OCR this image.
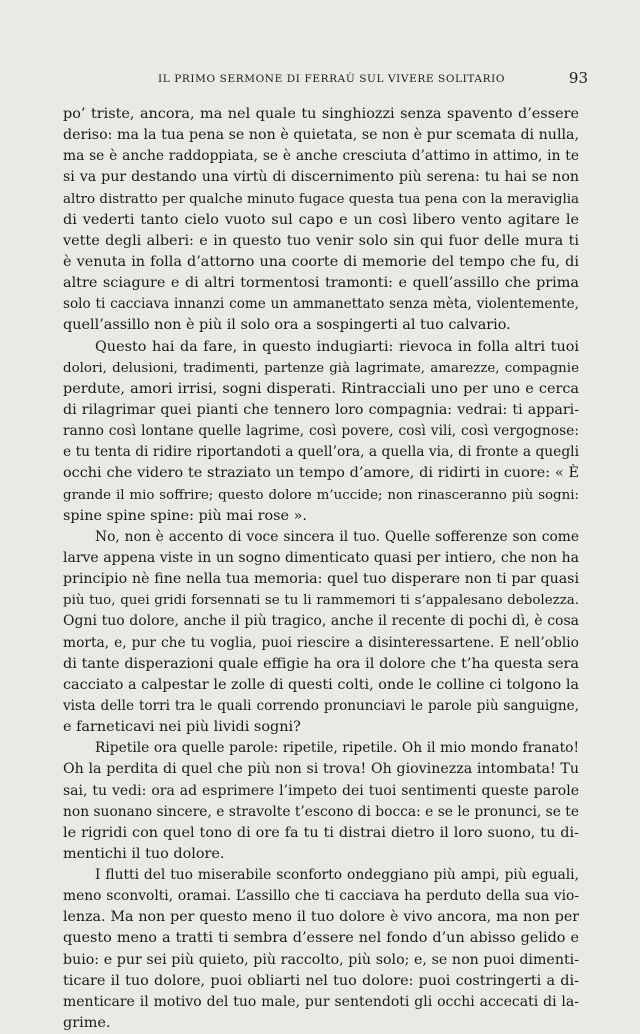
IL PRIMO SERMONE DI FERRAÙ SUL VIVERE SOLITARIO	93
po’ triste, ancora, ma nel quale tu singhiozzi senza spavento d’essere
deriso: ma la tua pena se non è quietata, se non è pur scemata di nulla,
ma se è anche raddoppiata, se è anche cresciuta d’attimo in attimo, in te
si va pur destando una virtù di discernimento più serena: tu hai se non
altro distratto per qualche minuto fugace questa tua pena con la meraviglia
di vederti tanto cielo vuoto sul capo e un così libero vento agitare le
vette degli alberi: e in questo tuo venir solo sin qui fuor delle mura ti
è venuta in folla d’attorno una coorte di memorie del tempo che fu, di
altre sciagure e di altri tormentosi tramonti: e quell’assillo che prima
solo ti cacciava innanzi come un ammanettato senza mèta, violentemente,
quell’assillo non è più il solo ora a sospingerti al tuo calvario.
Questo hai da fare, in questo indugiarti: rievoca in folla altri tuoi
dolori, delusioni, tradimenti, partenze già lagrimate, amarezze, compagnie
perdute, amori irrisi, sogni disperati. Rintracciali uno per uno e cerca
di rilagrimar quei pianti che tennero loro compagnia: vedrai: ti appari-
ranno così lontane quelle lagrime, così povere, così vili, così vergognose:
e tu tenta di ridire riportandoti a quell’ora, a quella via, di fronte a quegli
occhi che videro te straziato un tempo d’amore, di ridirti in cuore: « È
grande il mio soffrire; questo dolore m’uccide; non rinasceranno più sogni:
spine spine spine: più mai rose ».
No, non è accento di voce sincera il tuo. Quelle sofferenze son come
larve appena viste in un sogno dimenticato quasi per intiero, che non ha
principio nè fine nella tua memoria: quel tuo disperare non ti par quasi
più tuo, quei gridi forsennati se tu li rammemori ti s’appalesano debolezza.
Ogni tuo dolore, anche il più tragico, anche il recente di pochi dì, è cosa
morta, e, pur che tu voglia, puoi riescire a disinteressartene. E nell’oblio
di tante disperazioni quale effigie ha ora il dolore che t’ha questa sera
cacciato a calpestar le zolle di questi colti, onde le colline ci tolgono la
vista delle torri tra le quali correndo pronunciavi le parole più sanguigne,
e farneticavi nei più lividi sogni?
Ripetile ora quelle parole: ripetile, ripetile. Oh il mio mondo franato!
Oh la perdita di quel che più non si trova! Oh giovinezza intombata! Tu
sai, tu vedi: ora ad esprimere l’impeto dei tuoi sentimenti queste parole
non suonano sincere, e stravolte t’escono di bocca: e se le pronunci, se te
le rigridi con quel tono di ore fa tu ti distrai dietro il loro suono, tu di-
mentichi il tuo dolore.
I flutti del tuo miserabile sconforto ondeggiano più ampi, più eguali,
meno sconvolti, oramai. L’assillo che ti cacciava ha perduto della sua vio-
lenza. Ma non per questo meno il tuo dolore è vivo ancora, ma non per
questo meno a tratti ti sembra d’essere nel fondo d’un abisso gelido e
buio: e pur sei più quieto, più raccolto, più solo; e, se non puoi dimenti-
ticare il tuo dolore, puoi obliarti nel tuo dolore: puoi costringerti a di-
menticare il motivo del tuo male, pur sentendoti gli occhi accecati di la-
grime.
